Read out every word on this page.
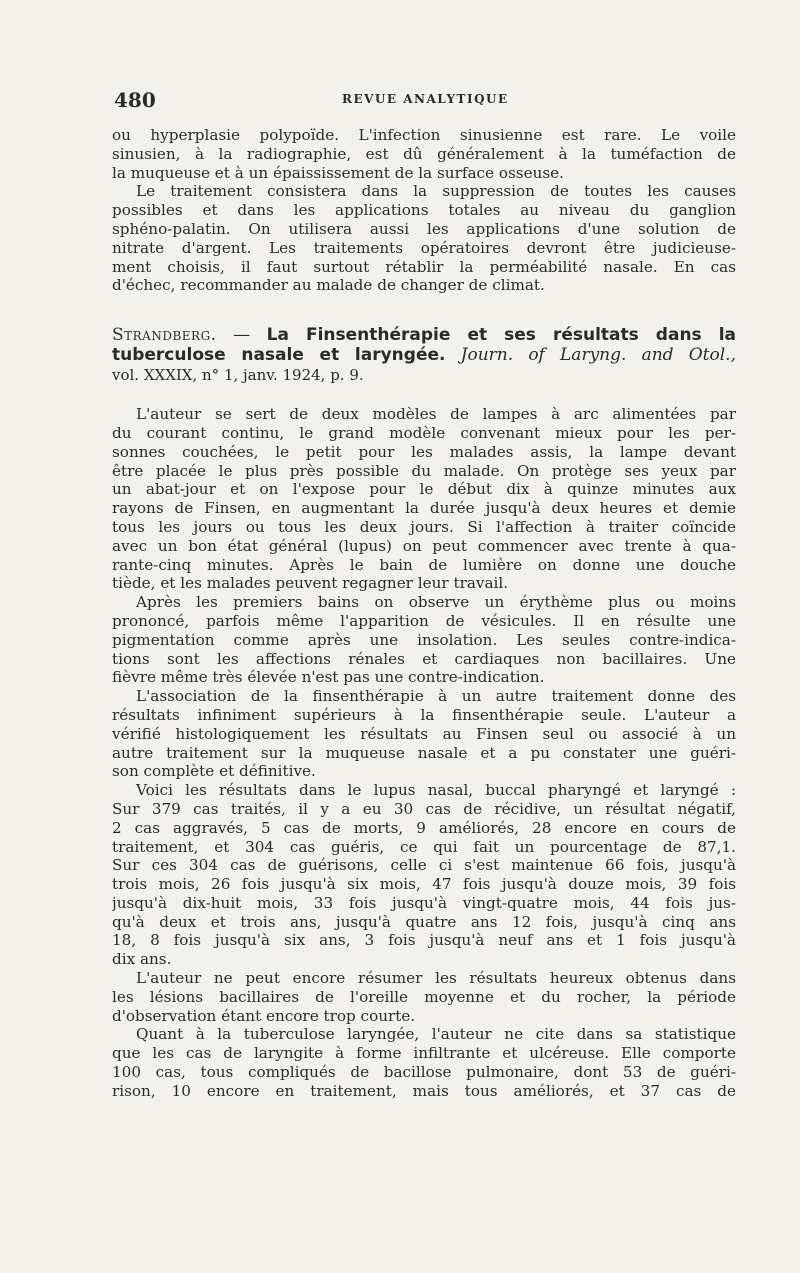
480	REVUE ANALYTIQUE

ou hyperplasie polypoïde. L'infection sinusienne est rare. Le voile
sinusien, à la radiographie, est dû généralement à la tuméfaction de
la muqueuse et à un épaississement de la surface osseuse.

Le traitement consistera dans la suppression de toutes les causes
possibles et dans les applications totales au niveau du ganglion
sphéno-palatin. On utilisera aussi les applications d'une solution de
nitrate d'argent. Les traitements opératoires devront être judicieuse-
ment choisis, il faut surtout rétablir la perméabilité nasale. En cas
d'échec, recommander au malade de changer de climat.

Strandberg. — La Finsenthérapie et ses résultats dans la
tuberculose nasale et laryngée. Journ. of Laryng. and Otol.,
vol. XXXIX, n° 1, janv. 1924, p. 9.

L'auteur se sert de deux modèles de lampes à arc alimentées par
du courant continu, le grand modèle convenant mieux pour les per-
sonnes couchées, le petit pour les malades assis, la lampe devant
être placée le plus près possible du malade. On protège ses yeux par
un abat-jour et on l'expose pour le début dix à quinze minutes aux
rayons de Finsen, en augmentant la durée jusqu'à deux heures et demie
tous les jours ou tous les deux jours. Si l'affection à traiter coïncide
avec un bon état général (lupus) on peut commencer avec trente à qua-
rante-cinq minutes. Après le bain de lumière on donne une douche
tiède, et les malades peuvent regagner leur travail.

Après les premiers bains on observe un érythème plus ou moins
prononcé, parfois même l'apparition de vésicules. Il en résulte une
pigmentation comme après une insolation. Les seules contre-indica-
tions sont les affections rénales et cardiaques non bacillaires. Une
fièvre même très élevée n'est pas une contre-indication.

L'association de la finsenthérapie à un autre traitement donne des
résultats infiniment supérieurs à la finsenthérapie seule. L'auteur a
vérifié histologiquement les résultats au Finsen seul ou associé à un
autre traitement sur la muqueuse nasale et a pu constater une guéri-
son complète et définitive.

Voici les résultats dans le lupus nasal, buccal pharyngé et laryngé :
Sur 379 cas traités, il y a eu 30 cas de récidive, un résultat négatif,
2 cas aggravés, 5 cas de morts, 9 améliorés, 28 encore en cours de
traitement, et 304 cas guéris, ce qui fait un pourcentage de 87,1.
Sur ces 304 cas de guérisons, celle ci s'est maintenue 66 fois, jusqu'à
trois mois, 26 fois jusqu'à six mois, 47 fois jusqu'à douze mois, 39 fois
jusqu'à dix-huit mois, 33 fois jusqu'à vingt-quatre mois, 44 fois jus-
qu'à deux et trois ans, jusqu'à quatre ans 12 fois, jusqu'à cinq ans
18, 8 fois jusqu'à six ans, 3 fois jusqu'à neuf ans et 1 fois jusqu'à
dix ans.

L'auteur ne peut encore résumer les résultats heureux obtenus dans
les lésions bacillaires de l'oreille moyenne et du rocher, la période
d'observation étant encore trop courte.

Quant à la tuberculose laryngée, l'auteur ne cite dans sa statistique
que les cas de laryngite à forme infiltrante et ulcéreuse. Elle comporte
100 cas, tous compliqués de bacillose pulmonaire, dont 53 de guéri-
rison, 10 encore en traitement, mais tous améliorés, et 37 cas de
